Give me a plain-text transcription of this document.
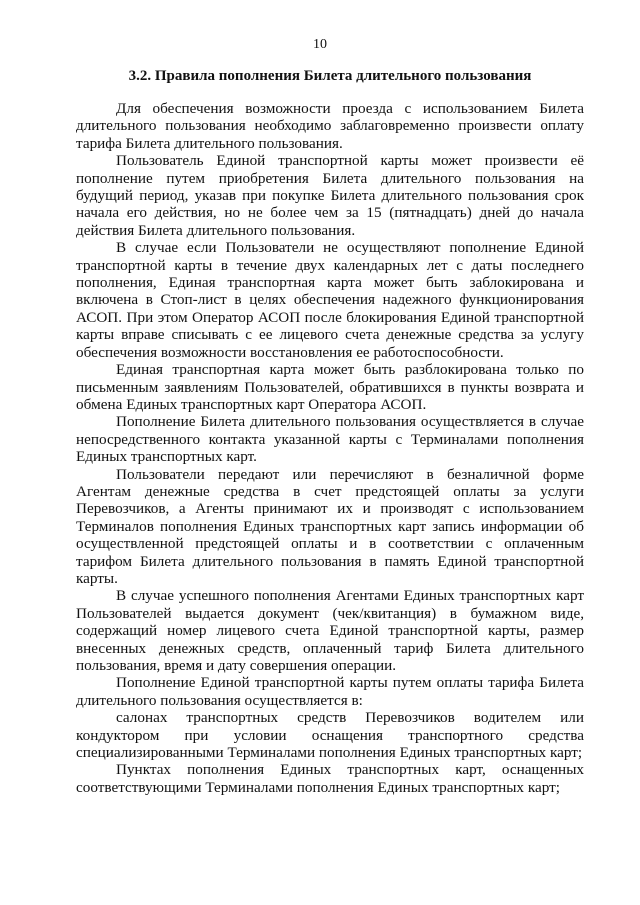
10
3.2. Правила пополнения Билета длительного пользования

Для обеспечения возможности проезда с использованием Билета длительного пользования необходимо заблаговременно произвести оплату тарифа Билета длительного пользования.

Пользователь Единой транспортной карты может произвести её пополнение путем приобретения Билета длительного пользования на будущий период, указав при покупке Билета длительного пользования срок начала его действия, но не более чем за 15 (пятнадцать) дней до начала действия Билета длительного пользования.

В случае если Пользователи не осуществляют пополнение Единой транспортной карты в течение двух календарных лет с даты последнего пополнения, Единая транспортная карта может быть заблокирована и включена в Стоп-лист в целях обеспечения надежного функционирования АСОП. При этом Оператор АСОП после блокирования Единой транспортной карты вправе списывать с ее лицевого счета денежные средства за услугу обеспечения возможности восстановления ее работоспособности.

Единая транспортная карта может быть разблокирована только по письменным заявлениям Пользователей, обратившихся в пункты возврата и обмена Единых транспортных карт Оператора АСОП.

Пополнение Билета длительного пользования осуществляется в случае непосредственного контакта указанной карты с Терминалами пополнения Единых транспортных карт.

Пользователи передают или перечисляют в безналичной форме Агентам денежные средства в счет предстоящей оплаты за услуги Перевозчиков, а Агенты принимают их и производят с использованием Терминалов пополнения Единых транспортных карт запись информации об осуществленной предстоящей оплаты и в соответствии с оплаченным тарифом Билета длительного пользования в память Единой транспортной карты.

В случае успешного пополнения Агентами Единых транспортных карт Пользователей выдается документ (чек/квитанция) в бумажном виде, содержащий номер лицевого счета Единой транспортной карты, размер внесенных денежных средств, оплаченный тариф Билета длительного пользования, время и дату совершения операции.

Пополнение Единой транспортной карты путем оплаты тарифа Билета длительного пользования осуществляется в:

салонах транспортных средств Перевозчиков водителем или кондуктором при условии оснащения транспортного средства специализированными Терминалами пополнения Единых транспортных карт;

Пунктах пополнения Единых транспортных карт, оснащенных соответствующими Терминалами пополнения Единых транспортных карт;
